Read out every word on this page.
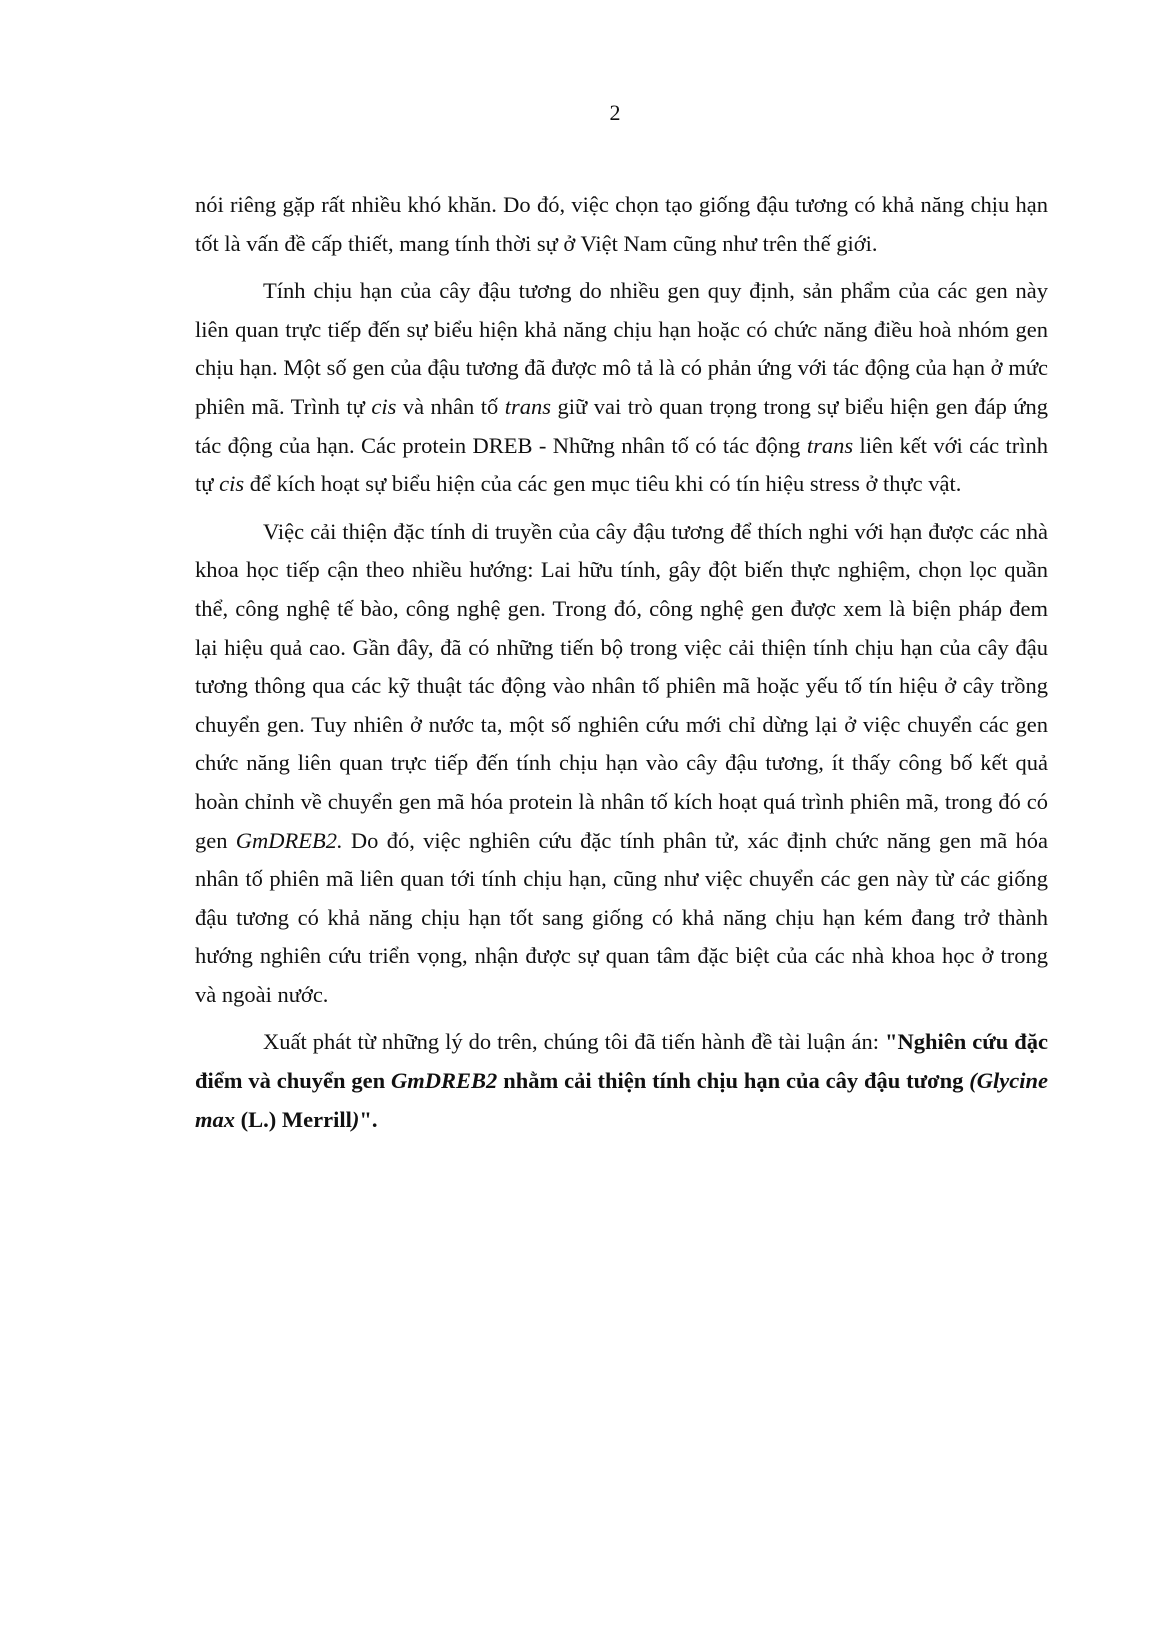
2

nói riêng gặp rất nhiều khó khăn. Do đó, việc chọn tạo giống đậu tương có khả năng chịu hạn tốt là vấn đề cấp thiết, mang tính thời sự ở Việt Nam cũng như trên thế giới.

Tính chịu hạn của cây đậu tương do nhiều gen quy định, sản phẩm của các gen này liên quan trực tiếp đến sự biểu hiện khả năng chịu hạn hoặc có chức năng điều hoà nhóm gen chịu hạn. Một số gen của đậu tương đã được mô tả là có phản ứng với tác động của hạn ở mức phiên mã. Trình tự cis và nhân tố trans giữ vai trò quan trọng trong sự biểu hiện gen đáp ứng tác động của hạn. Các protein DREB - Những nhân tố có tác động trans liên kết với các trình tự cis để kích hoạt sự biểu hiện của các gen mục tiêu khi có tín hiệu stress ở thực vật.

Việc cải thiện đặc tính di truyền của cây đậu tương để thích nghi với hạn được các nhà khoa học tiếp cận theo nhiều hướng: Lai hữu tính, gây đột biến thực nghiệm, chọn lọc quần thể, công nghệ tế bào, công nghệ gen. Trong đó, công nghệ gen được xem là biện pháp đem lại hiệu quả cao. Gần đây, đã có những tiến bộ trong việc cải thiện tính chịu hạn của cây đậu tương thông qua các kỹ thuật tác động vào nhân tố phiên mã hoặc yếu tố tín hiệu ở cây trồng chuyển gen. Tuy nhiên ở nước ta, một số nghiên cứu mới chỉ dừng lại ở việc chuyển các gen chức năng liên quan trực tiếp đến tính chịu hạn vào cây đậu tương, ít thấy công bố kết quả hoàn chỉnh về chuyển gen mã hóa protein là nhân tố kích hoạt quá trình phiên mã, trong đó có gen GmDREB2. Do đó, việc nghiên cứu đặc tính phân tử, xác định chức năng gen mã hóa nhân tố phiên mã liên quan tới tính chịu hạn, cũng như việc chuyển các gen này từ các giống đậu tương có khả năng chịu hạn tốt sang giống có khả năng chịu hạn kém đang trở thành hướng nghiên cứu triển vọng, nhận được sự quan tâm đặc biệt của các nhà khoa học ở trong và ngoài nước.

Xuất phát từ những lý do trên, chúng tôi đã tiến hành đề tài luận án: "Nghiên cứu đặc điểm và chuyển gen GmDREB2 nhằm cải thiện tính chịu hạn của cây đậu tương (Glycine max (L.) Merrill)".
